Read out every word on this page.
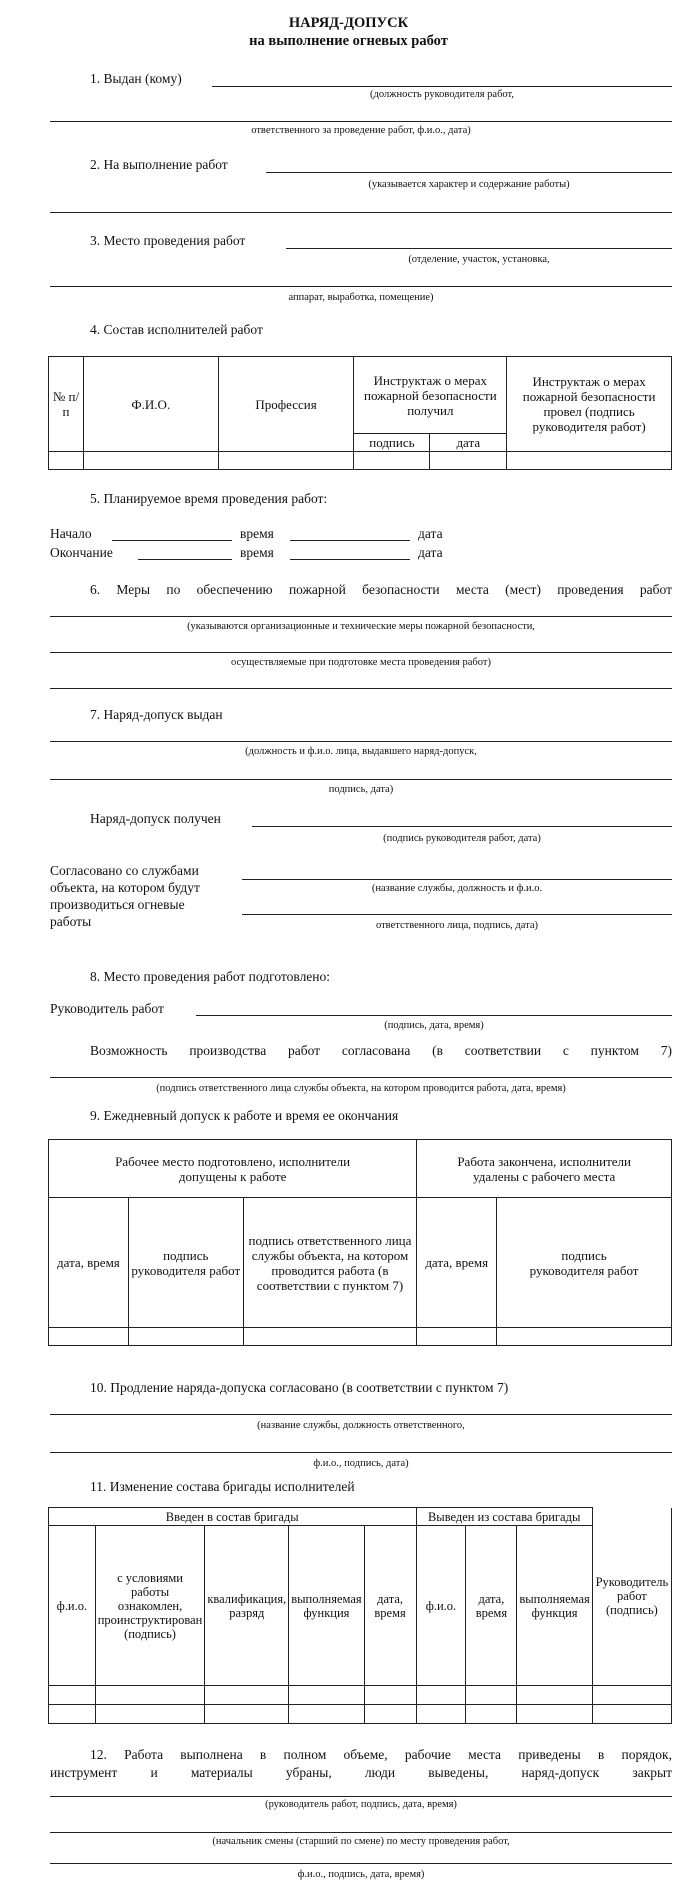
НАРЯД-ДОПУСК
на выполнение огневых работ
1. Выдан (кому)
(должность руководителя работ,
ответственного за проведение работ, ф.и.о., дата)
2. На выполнение работ
(указывается характер и содержание работы)
3. Место проведения работ
(отделение, участок, установка,
аппарат, выработка, помещение)
4. Состав исполнителей работ
№ п/п	Ф.И.О.	Профессия	Инструктаж о мерах пожарной безопасности получил		Инструктаж о мерах пожарной безопасности провел (подпись руководителя работ)
			подпись	дата	

5. Планируемое время проведения работ:
Начало	время	дата
Окончание	время	дата
6. Меры по обеспечению пожарной безопасности места (мест) проведения работ
(указываются организационные и технические меры пожарной безопасности,
осуществляемые при подготовке места проведения работ)
7. Наряд-допуск выдан
(должность и ф.и.о. лица, выдавшего наряд-допуск,
подпись, дата)
Наряд-допуск получен
(подпись руководителя работ, дата)
Согласовано со службами объекта, на котором будут производиться огневые работы
(название службы, должность и ф.и.о.
ответственного лица, подпись, дата)
8. Место проведения работ подготовлено:
Руководитель работ
(подпись, дата, время)
Возможность производства работ согласована (в соответствии с пунктом 7)
(подпись ответственного лица службы объекта, на котором проводится работа, дата, время)
9. Ежедневный допуск к работе и время ее окончания
Рабочее место подготовлено, исполнители допущены к работе			Работа закончена, исполнители удалены с рабочего места	
дата, время	подпись руководителя работ	подпись ответственного лица службы объекта, на котором проводится работа (в соответствии с пунктом 7)	дата, время	подпись руководителя работ

10. Продление наряда-допуска согласовано (в соответствии с пунктом 7)
(название службы, должность ответственного,
ф.и.о., подпись, дата)
11. Изменение состава бригады исполнителей
Введен в состав бригады					Выведен из состава бригады			Руководитель работ (подпись)
ф.и.о.	с условиями работы ознакомлен, проинструктирован (подпись)	квалификация, разряд	выполняемая функция	дата, время	ф.и.о.	дата, время	выполняемая функция	

12. Работа выполнена в полном объеме, рабочие места приведены в порядок,
инструмент и материалы убраны, люди выведены, наряд-допуск закрыт
(руководитель работ, подпись, дата, время)
(начальник смены (старший по смене) по месту проведения работ,
ф.и.о., подпись, дата, время)
